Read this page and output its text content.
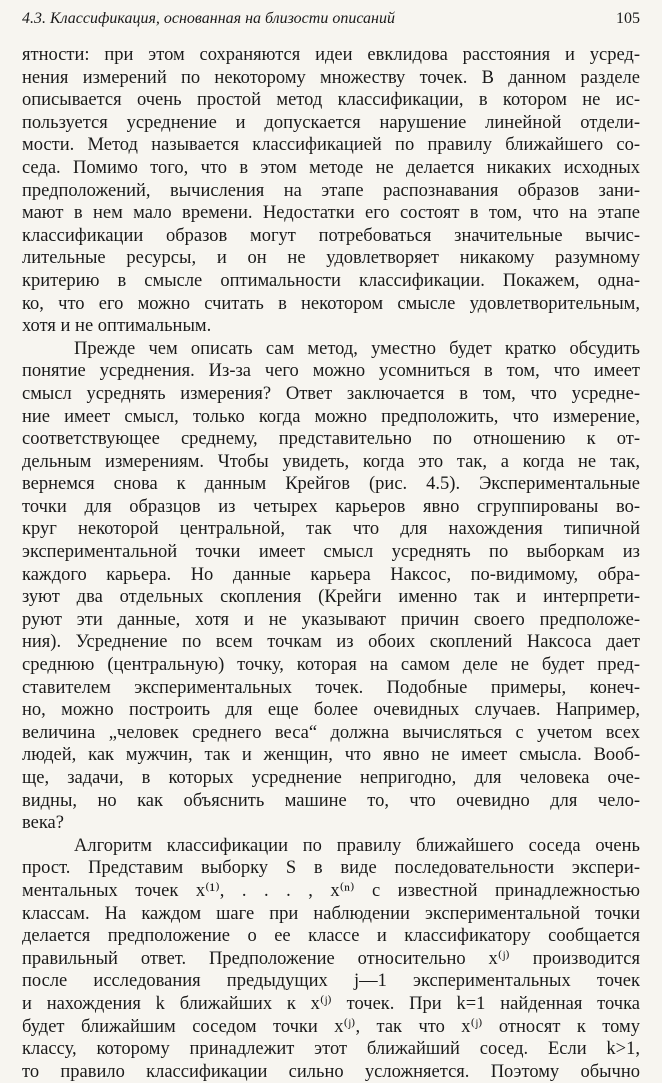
4.3. Классификация, основанная на близости описаний	105
ятности: при этом сохраняются идеи евклидова расстояния и усред-
нения измерений по некоторому множеству точек. В данном разделе
описывается очень простой метод классификации, в котором не ис-
пользуется усреднение и допускается нарушение линейной отдели-
мости. Метод называется классификацией по правилу ближайшего со-
седа. Помимо того, что в этом методе не делается никаких исходных
предположений, вычисления на этапе распознавания образов зани-
мают в нем мало времени. Недостатки его состоят в том, что на этапе
классификации образов могут потребоваться значительные вычис-
лительные ресурсы, и он не удовлетворяет никакому разумному
критерию в смысле оптимальности классификации. Покажем, одна-
ко, что его можно считать в некотором смысле удовлетворительным,
хотя и не оптимальным.
Прежде чем описать сам метод, уместно будет кратко обсудить
понятие усреднения. Из-за чего можно усомниться в том, что имеет
смысл усреднять измерения? Ответ заключается в том, что усредне-
ние имеет смысл, только когда можно предположить, что измерение,
соответствующее среднему, представительно по отношению к от-
дельным измерениям. Чтобы увидеть, когда это так, а когда не так,
вернемся снова к данным Крейгов (рис. 4.5). Экспериментальные
точки для образцов из четырех карьеров явно сгруппированы во-
круг некоторой центральной, так что для нахождения типичной
экспериментальной точки имеет смысл усреднять по выборкам из
каждого карьера. Но данные карьера Наксос, по-видимому, обра-
зуют два отдельных скопления (Крейги именно так и интерпрети-
руют эти данные, хотя и не указывают причин своего предположе-
ния). Усреднение по всем точкам из обоих скоплений Наксоса дает
среднюю (центральную) точку, которая на самом деле не будет пред-
ставителем экспериментальных точек. Подобные примеры, конеч-
но, можно построить для еще более очевидных случаев. Например,
величина „человек среднего веса“ должна вычисляться с учетом всех
людей, как мужчин, так и женщин, что явно не имеет смысла. Вооб-
ще, задачи, в которых усреднение непригодно, для человека оче-
видны, но как объяснить машине то, что очевидно для чело-
века?
Алгоритм классификации по правилу ближайшего соседа очень
прост. Представим выборку S в виде последовательности экспери-
ментальных точек x⁽¹⁾, . . . , x⁽ⁿ⁾ с известной принадлежностью
классам. На каждом шаге при наблюдении экспериментальной точки
делается предположение о ее классе и классификатору сообщается
правильный ответ. Предположение относительно x⁽ʲ⁾ производится
после исследования предыдущих j—1 экспериментальных точек
и нахождения k ближайших к x⁽ʲ⁾ точек. При k=1 найденная точка
будет ближайшим соседом точки x⁽ʲ⁾, так что x⁽ʲ⁾ относят к тому
классу, которому принадлежит этот ближайший сосед. Если k>1,
то правило классификации сильно усложняется. Поэтому обычно
